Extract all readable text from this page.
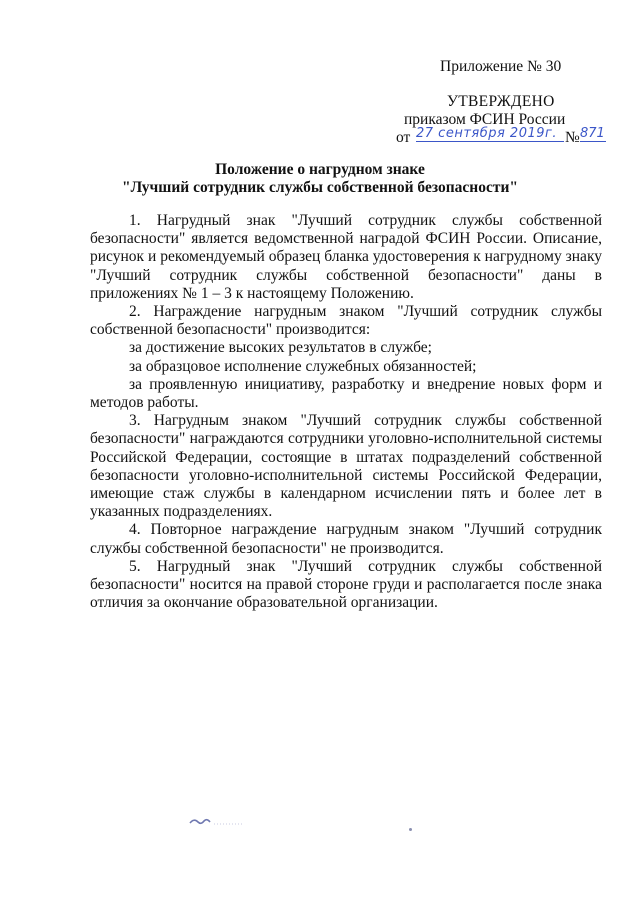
Приложение № 30
УТВЕРЖДЕНО
приказом ФСИН России
от 27 сентября 2019г. № 871
Положение о нагрудном знаке
"Лучший сотрудник службы собственной безопасности"

1. Нагрудный знак "Лучший сотрудник службы собственной безопасности" является ведомственной наградой ФСИН России. Описание, рисунок и рекомендуемый образец бланка удостоверения к нагрудному знаку "Лучший сотрудник службы собственной безопасности" даны в приложениях № 1 – 3 к настоящему Положению.

2. Награждение нагрудным знаком "Лучший сотрудник службы собственной безопасности" производится:

за достижение высоких результатов в службе;

за образцовое исполнение служебных обязанностей;

за проявленную инициативу, разработку и внедрение новых форм и методов работы.

3. Нагрудным знаком "Лучший сотрудник службы собственной безопасности" награждаются сотрудники уголовно-исполнительной системы Российской Федерации, состоящие в штатах подразделений собственной безопасности уголовно-исполнительной системы Российской Федерации, имеющие стаж службы в календарном исчислении пять и более лет в указанных подразделениях.

4. Повторное награждение нагрудным знаком "Лучший сотрудник службы собственной безопасности" не производится.

5. Нагрудный знак "Лучший сотрудник службы собственной безопасности" носится на правой стороне груди и располагается после знака отличия за окончание образовательной организации.
